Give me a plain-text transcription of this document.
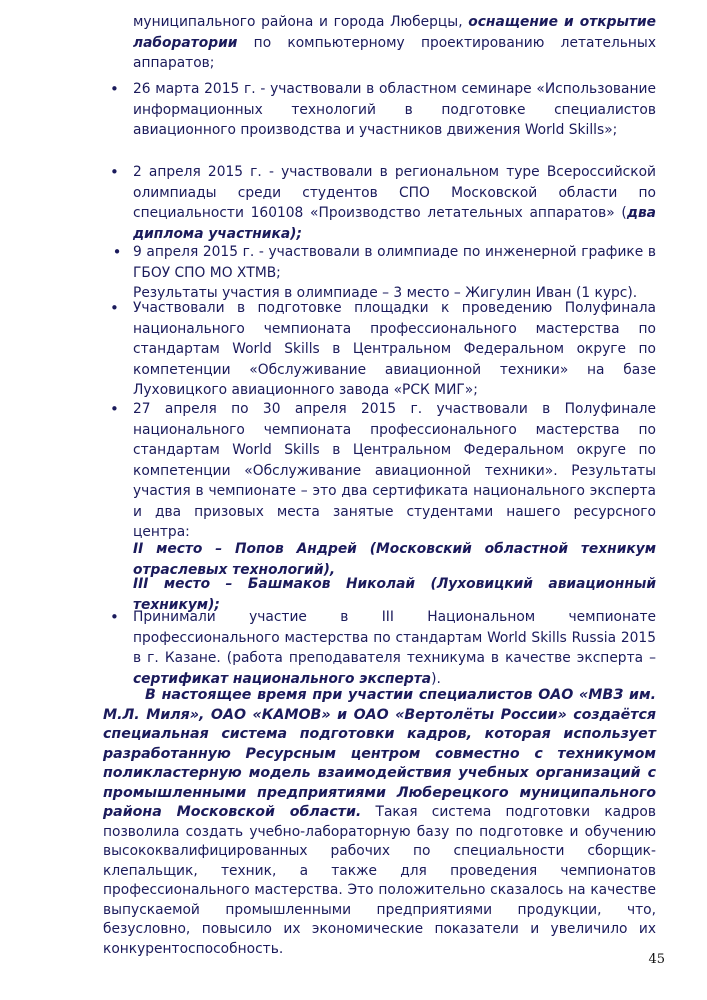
муниципального района и города Люберцы, оснащение и открытие лаборатории по компьютерному проектированию летательных аппаратов;
•	26 марта 2015 г. - участвовали в областном семинаре «Использование информационных технологий в подготовке специалистов авиационного производства и участников движения World Skills»;
•	2 апреля 2015 г. - участвовали в региональном туре Всероссийской олимпиады среди студентов СПО Московской области по специальности 160108 «Производство летательных аппаратов» (два диплома участника);
• 9 апреля 2015 г. - участвовали в олимпиаде по инженерной графике в ГБОУ СПО МО ХТМВ;
Результаты участия в олимпиаде – 3 место – Жигулин Иван (1 курс).
•	Участвовали в подготовке площадки к проведению Полуфинала национального чемпионата профессионального мастерства по стандартам World Skills в Центральном Федеральном округе по компетенции «Обслуживание авиационной техники» на базе Луховицкого авиационного завода «РСК МИГ»;
•	27 апреля по 30 апреля 2015 г. участвовали в Полуфинале национального чемпионата профессионального мастерства по стандартам World Skills в Центральном Федеральном округе по компетенции «Обслуживание авиационной техники». Результаты участия в чемпионате – это два сертификата национального эксперта и два призовых места занятые студентами нашего ресурсного центра:
II место – Попов Андрей (Московский областной техникум отраслевых технологий),
III место – Башмаков Николай (Луховицкий авиационный техникум);
•	Принимали участие в III Национальном чемпионате профессионального мастерства по стандартам World Skills Russia 2015 в г. Казане. (работа преподавателя техникума в качестве эксперта – сертификат национального эксперта).
В настоящее время при участии специалистов ОАО «МВЗ им. М.Л. Миля», ОАО «КАМОВ» и ОАО «Вертолёты России» создаётся специальная система подготовки кадров, которая использует разработанную Ресурсным центром совместно с техникумом поликластерную модель взаимодействия учебных организаций с промышленными предприятиями Люберецкого муниципального района Московской области. Такая система подготовки кадров позволила создать учебно-лабораторную базу по подготовке и обучению высококвалифицированных рабочих по специальности сборщик-клепальщик, техник, а также для проведения чемпионатов профессионального мастерства. Это положительно сказалось на качестве выпускаемой промышленными предприятиями продукции, что, безусловно, повысило их экономические показатели и увеличило их конкурентоспособность.
45
